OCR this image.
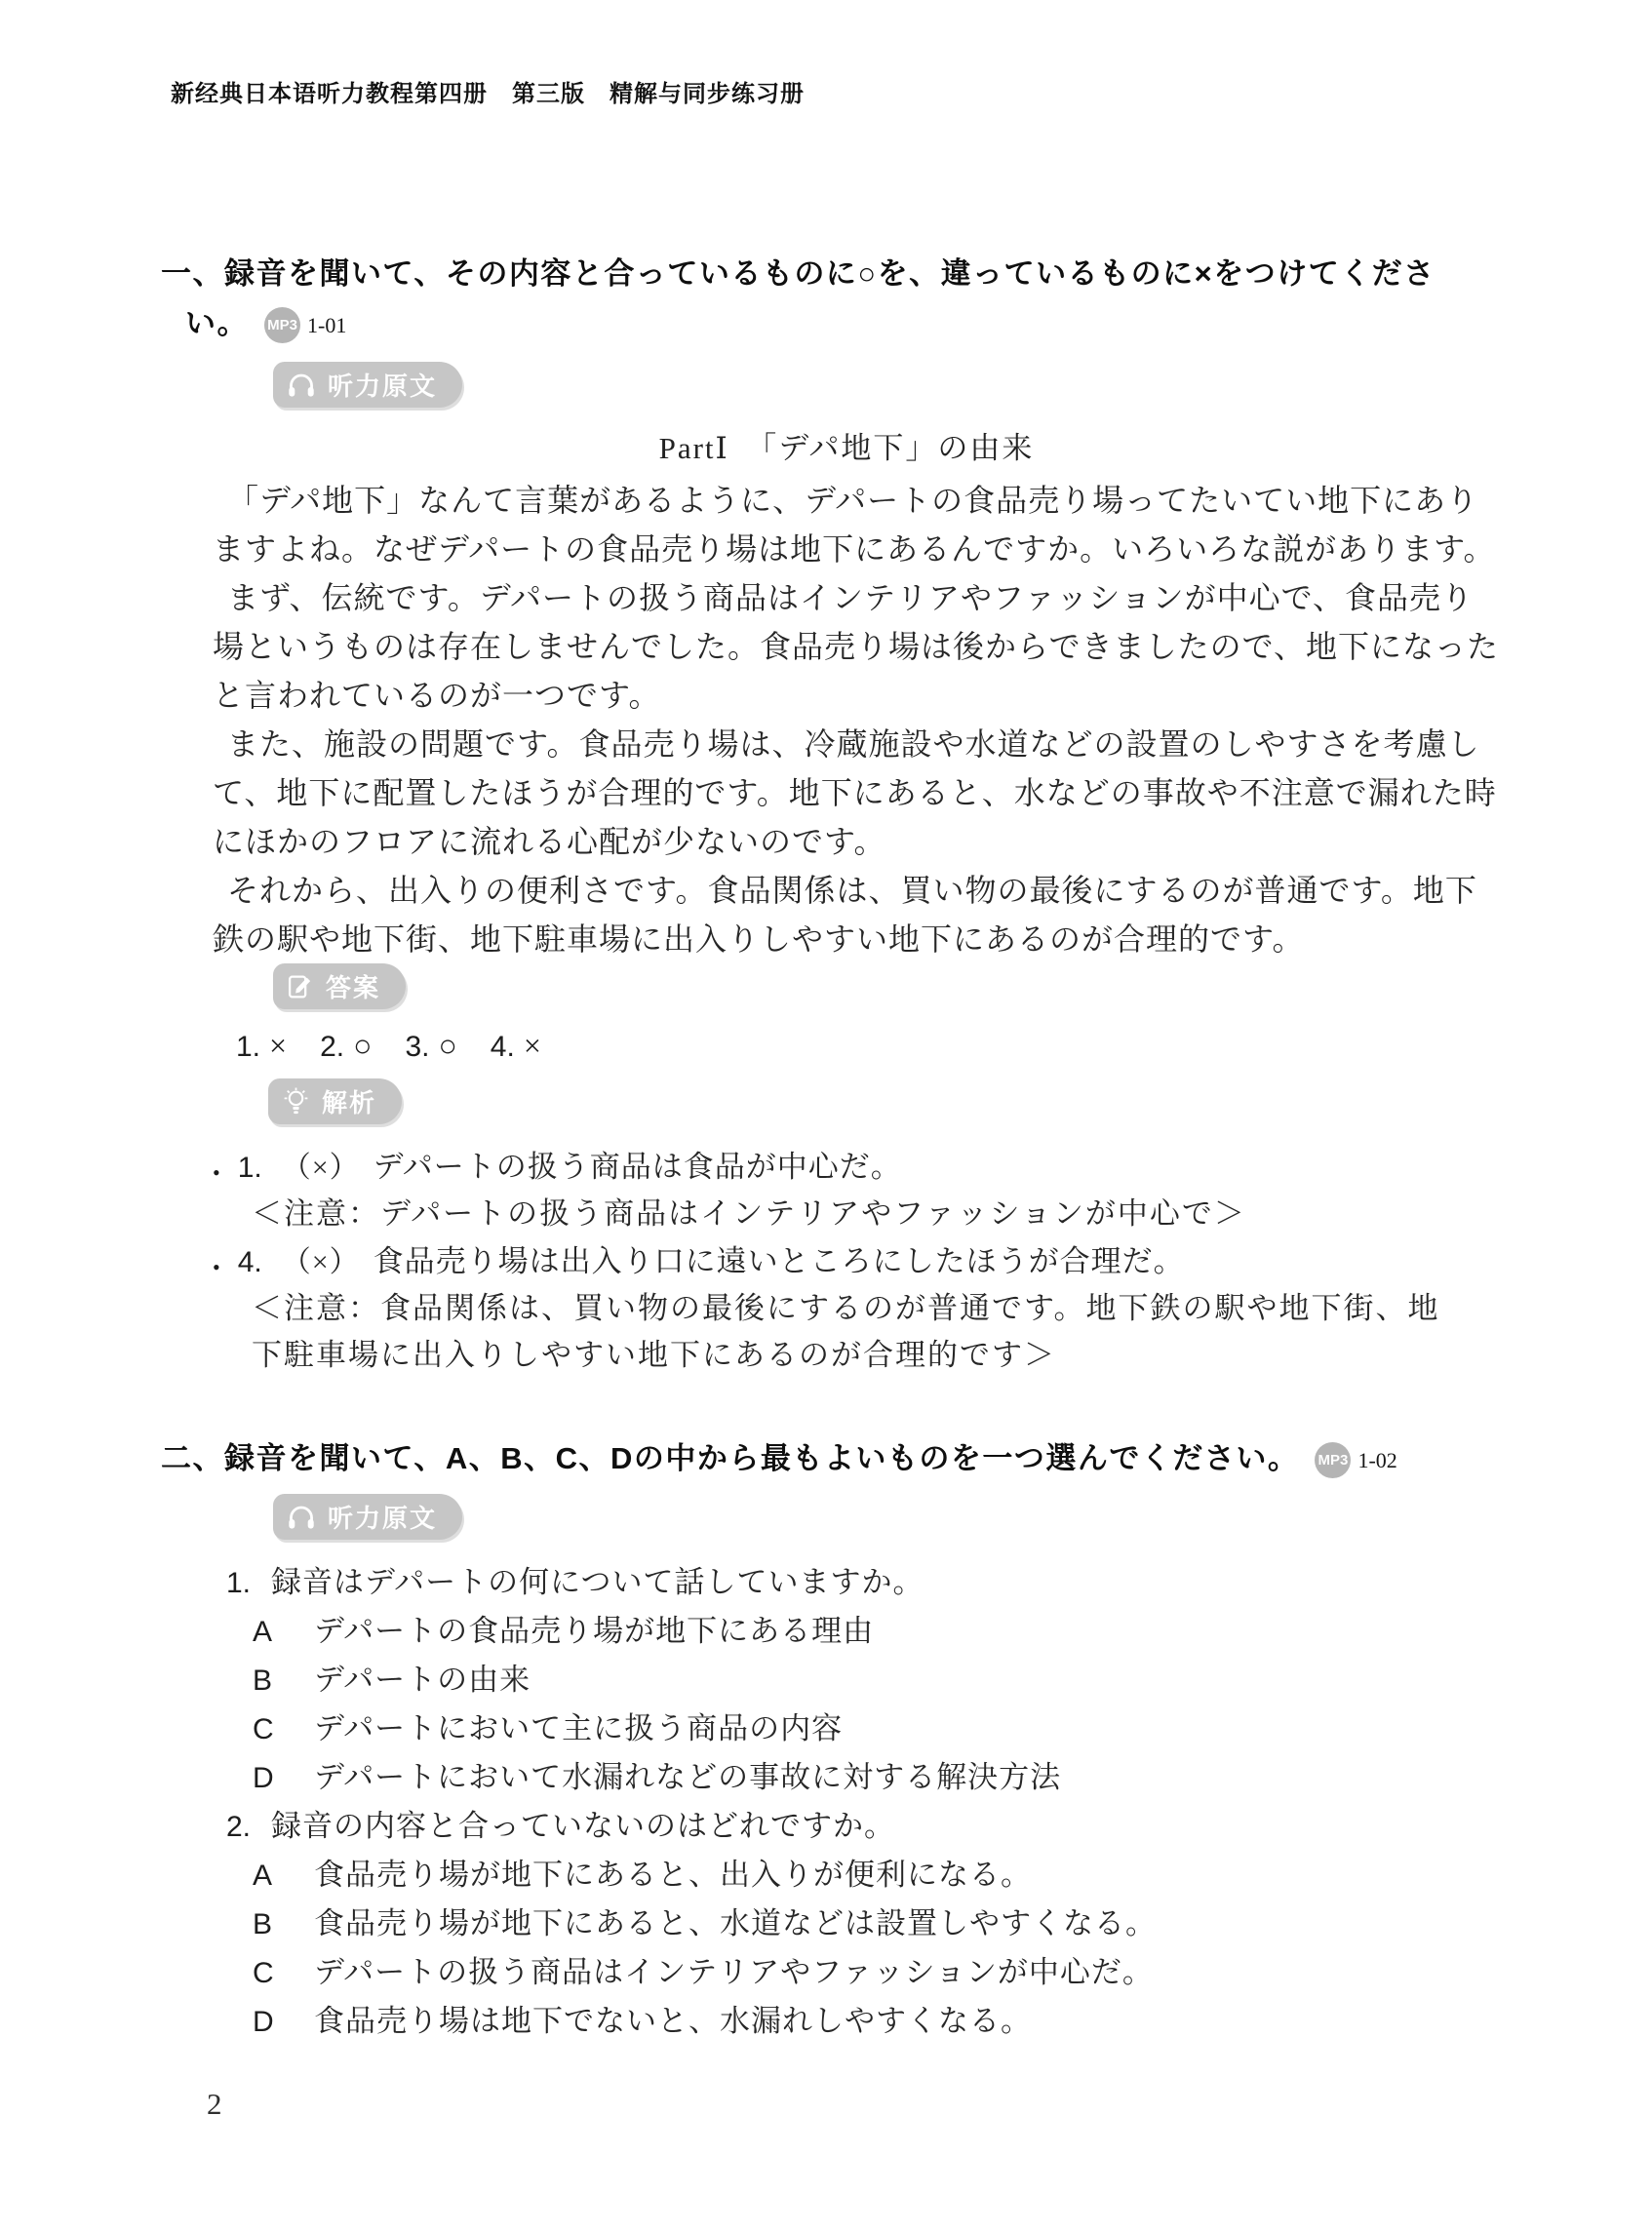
新经典日本语听力教程第四册　第三版　精解与同步练习册
一、録音を聞いて、その内容と合っているものに○を、違っているものに×をつけてくださ
い。 MP3 1-01
听力原文
PartⅠ　「デパ地下」の由来
「デパ地下」なんて言葉があるように、デパートの食品売り場ってたいてい地下にあり
ますよね。なぜデパートの食品売り場は地下にあるんですか。いろいろな説があります。
まず、伝統です。デパートの扱う商品はインテリアやファッションが中心で、食品売り
場というものは存在しませんでした。食品売り場は後からできましたので、地下になった
と言われているのが一つです。
また、施設の問題です。食品売り場は、冷蔵施設や水道などの設置のしやすさを考慮し
て、地下に配置したほうが合理的です。地下にあると、水などの事故や不注意で漏れた時
にほかのフロアに流れる心配が少ないのです。
それから、出入りの便利さです。食品関係は、買い物の最後にするのが普通です。地下
鉄の駅や地下街、地下駐車場に出入りしやすい地下にあるのが合理的です。
答案
1. × 2. ○ 3. ○ 4. ×
解析
• 1. （×） デパートの扱う商品は食品が中心だ。
＜注意：デパートの扱う商品はインテリアやファッションが中心で＞
• 4. （×） 食品売り場は出入り口に遠いところにしたほうが合理だ。
＜注意：食品関係は、買い物の最後にするのが普通です。地下鉄の駅や地下街、地
下駐車場に出入りしやすい地下にあるのが合理的です＞
二、録音を聞いて、A、B、C、Dの中から最もよいものを一つ選んでください。 MP3 1-02
听力原文
1. 録音はデパートの何について話していますか。
A デパートの食品売り場が地下にある理由
B デパートの由来
C デパートにおいて主に扱う商品の内容
D デパートにおいて水漏れなどの事故に対する解決方法
2. 録音の内容と合っていないのはどれですか。
A 食品売り場が地下にあると、出入りが便利になる。
B 食品売り場が地下にあると、水道などは設置しやすくなる。
C デパートの扱う商品はインテリアやファッションが中心だ。
D 食品売り場は地下でないと、水漏れしやすくなる。
2
